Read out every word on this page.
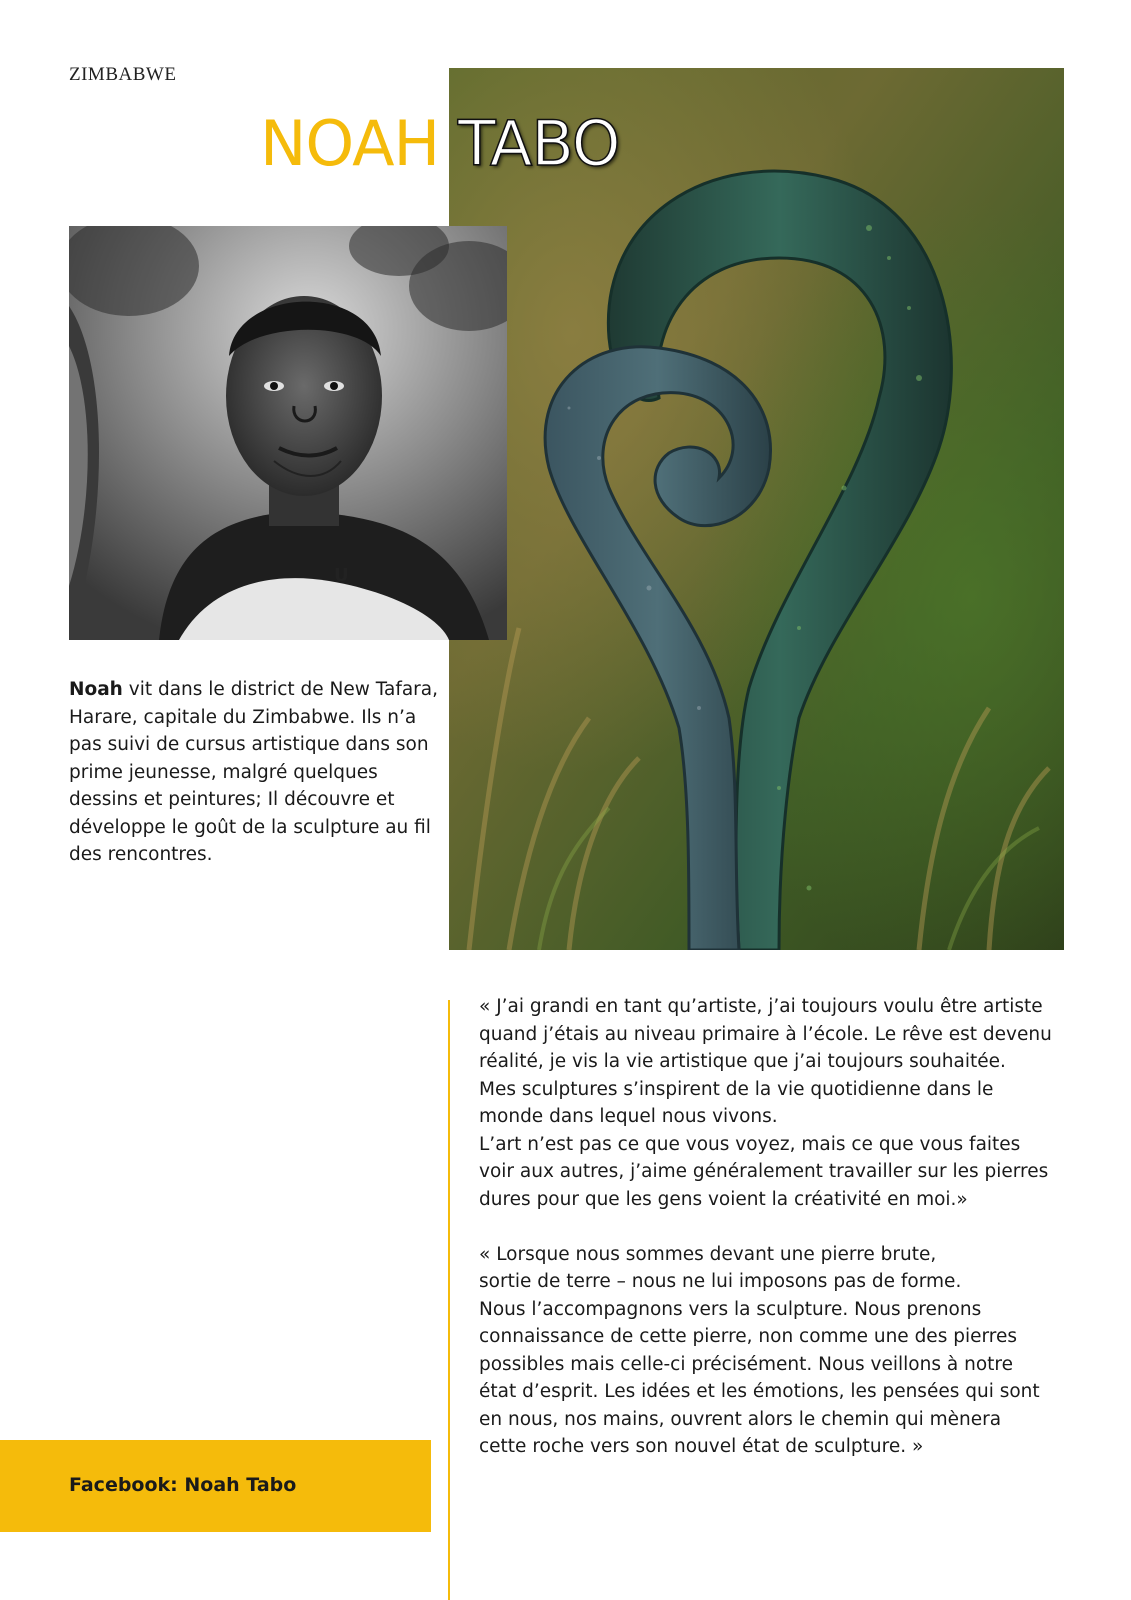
ZIMBABWE
NOAH TABO
U

Noah vit dans le district de New Tafara, Harare, capitale du Zimbabwe. Ils n’a pas suivi de cursus artistique dans son prime jeunesse, malgré quelques dessins et peintures; Il découvre et développe le goût de la sculpture au fil des rencontres.

« J’ai grandi en tant qu’artiste, j’ai toujours voulu être artiste
quand j’étais au niveau primaire à l’école. Le rêve est devenu
réalité, je vis la vie artistique que j’ai toujours souhaitée.
Mes sculptures s’inspirent de la vie quotidienne dans le
monde dans lequel nous vivons.
L’art n’est pas ce que vous voyez, mais ce que vous faites
voir aux autres, j’aime généralement travailler sur les pierres
dures pour que les gens voient la créativité en moi.»

« Lorsque nous sommes devant une pierre brute,
sortie de terre – nous ne lui imposons pas de forme.
Nous l’accompagnons vers la sculpture. Nous prenons
connaissance de cette pierre, non comme une des pierres
possibles mais celle-ci précisément. Nous veillons à notre
état d’esprit. Les idées et les émotions, les pensées qui sont
en nous, nos mains, ouvrent alors le chemin qui mènera
cette roche vers son nouvel état de sculpture. »

Facebook: Noah Tabo
